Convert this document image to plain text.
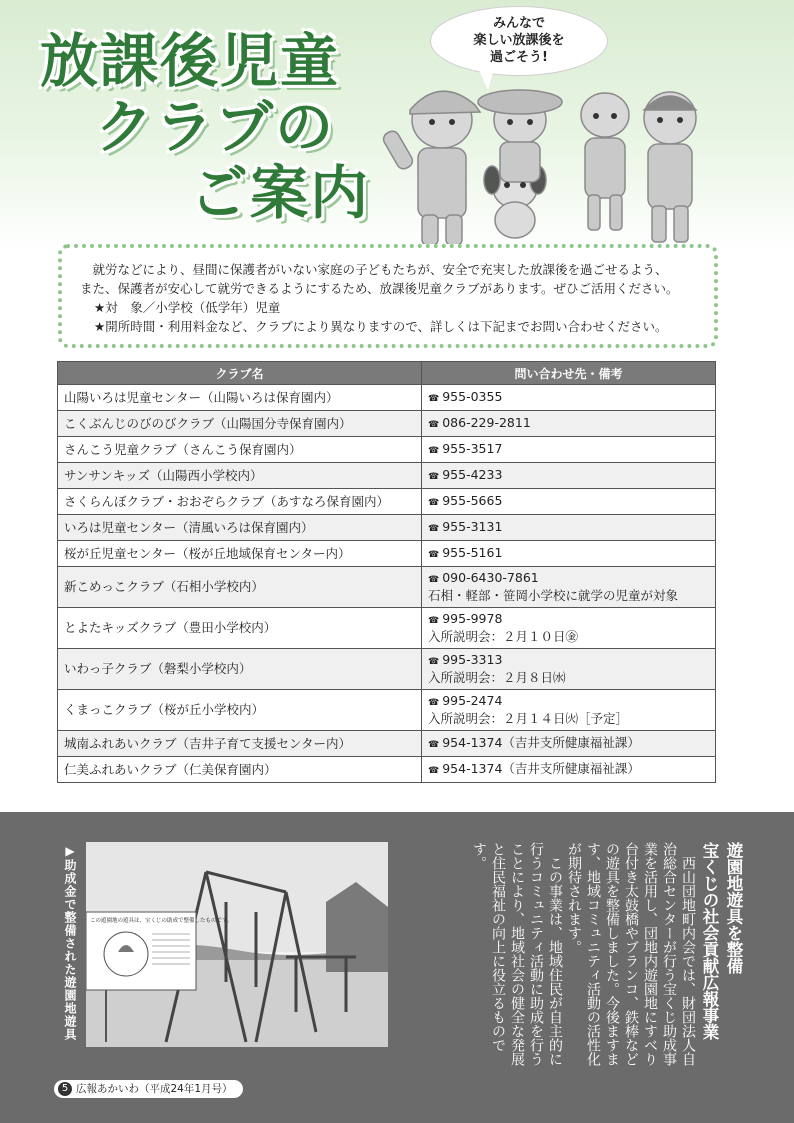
放課後児童
クラブの
ご案内
みんなで
楽しい放課後を
過ごそう!

就労などにより、昼間に保護者がいない家庭の子どもたちが、安全で充実した放課後を過ごせるよう、

また、保護者が安心して就労できるようにするため、放課後児童クラブがあります。ぜひご活用ください。

★対　象／小学校（低学年）児童

★開所時間・利用料金など、クラブにより異なりますので、詳しくは下記までお問い合わせください。

クラブ名	問い合わせ先・備考
山陽いろは児童センター（山陽いろは保育園内）	☎ 955-0355

こくぶんじのびのびクラブ（山陽国分寺保育園内）	☎ 086-229-2811

さんこう児童クラブ（さんこう保育園内）	☎ 955-3517

サンサンキッズ（山陽西小学校内）	☎ 955-4233

さくらんぼクラブ・おおぞらクラブ（あすなろ保育園内）	☎ 955-5665

いろは児童センター（清風いろは保育園内）	☎ 955-3131

桜が丘児童センター（桜が丘地域保育センター内）	☎ 955-5161

新こめっこクラブ（石相小学校内）	☎ 090-6430-7861
石相・軽部・笹岡小学校に就学の児童が対象

とよたキッズクラブ（豊田小学校内）	☎ 995-9978
入所説明会：２月１０日㊎

いわっ子クラブ（磐梨小学校内）	☎ 995-3313
入所説明会：２月８日㈬

くまっこクラブ（桜が丘小学校内）	☎ 995-2474
入所説明会：２月１４日㈫［予定］

城南ふれあいクラブ（吉井子育て支援センター内）	☎ 954-1374（吉井支所健康福祉課）

仁美ふれあいクラブ（仁美保育園内）	☎ 954-1374（吉井支所健康福祉課）
▶助成金で整備された遊園地遊具	この遊園地の遊具は、宝くじの助成で整備したものです。	遊園地遊具を整備

宝くじの社会貢献広報事業

西山団地町内会では、財団法人自治総合センターが行う宝くじ助成事業を活用し、団地内遊園地にすべり台付き太鼓橋やブランコ、鉄棒などの遊具を整備しました。今後ますます、地域コミュニティ活動の活性化が期待されます。

この事業は、地域住民が自主的に行うコミュニティ活動に助成を行うことにより、地域社会の健全な発展と住民福祉の向上に役立るものです。

5 広報あかいわ（平成24年1月号）
